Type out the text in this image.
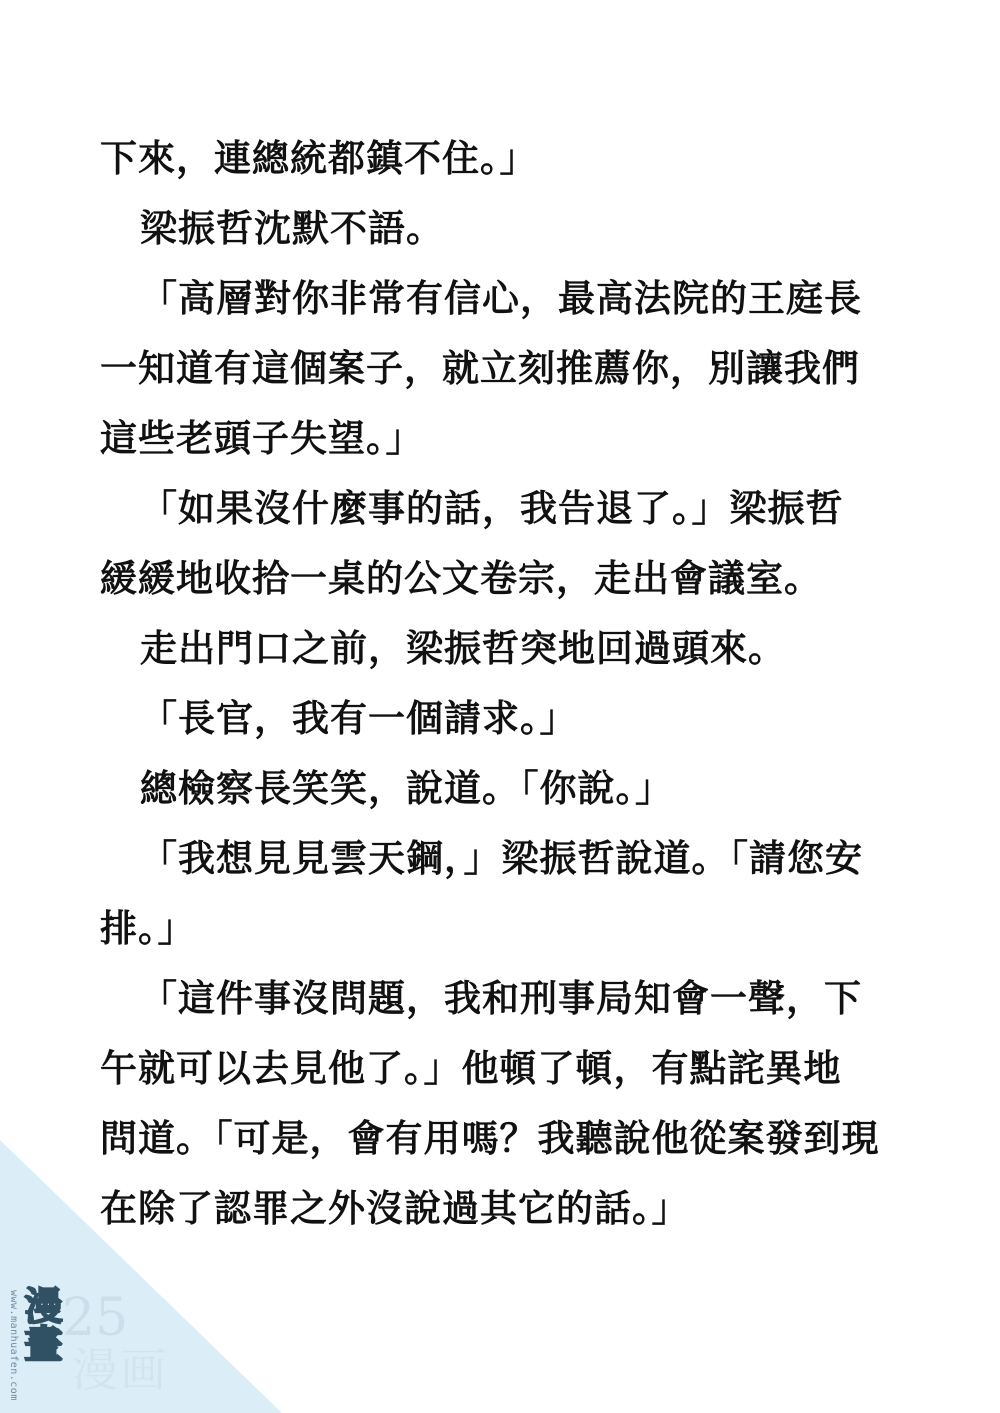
下來，連總統都鎮不住。」
梁振哲沈默不語。
「高層對你非常有信心，最高法院的王庭長
一知道有這個案子，就立刻推薦你，別讓我們
這些老頭子失望。」
「如果沒什麼事的話，我告退了。」梁振哲
緩緩地收拾一桌的公文卷宗，走出會議室。
走出門口之前，梁振哲突地回過頭來。
「長官，我有一個請求。」
總檢察長笑笑，說道。「你說。」
「我想見見雲天鋼，」梁振哲說道。「請您安
排。」
「這件事沒問題，我和刑事局知會一聲，下
午就可以去見他了。」他頓了頓，有點詫異地
問道。「可是，會有用嗎？我聽說他從案發到現
在除了認罪之外沒說過其它的話。」
www.manhuafen.com 漫畫 25
漫画
